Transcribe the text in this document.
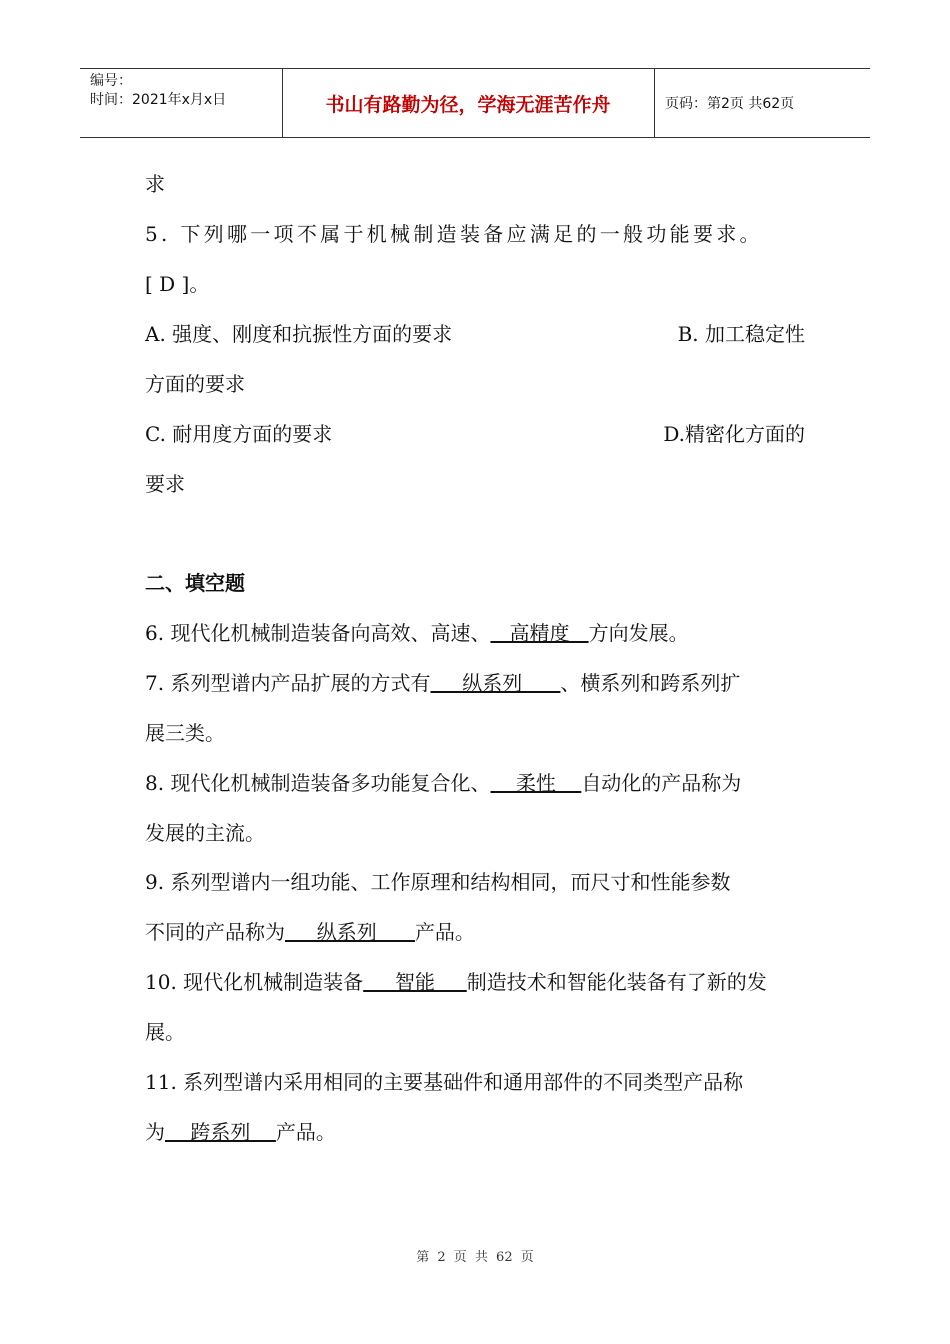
编号：
时间：2021年x月x日	书山有路勤为径，学海无涯苦作舟	页码：第2页 共62页
求
5. 下列哪一项不属于机械制造装备应满足的一般功能要求。
[ D ]。
A. 强度、刚度和抗振性方面的要求	B. 加工稳定性
方面的要求
C. 耐用度方面的要求	D.精密化方面的
要求
二、填空题
6. 现代化机械制造装备向高效、高速、   高精度   方向发展。
7. 系列型谱内产品扩展的方式有     纵系列      、横系列和跨系列扩
展三类。
8. 现代化机械制造装备多功能复合化、    柔性    自动化的产品称为
发展的主流。
9. 系列型谱内一组功能、工作原理和结构相同，而尺寸和性能参数
不同的产品称为     纵系列      产品。
10. 现代化机械制造装备     智能     制造技术和智能化装备有了新的发
展。
11. 系列型谱内采用相同的主要基础件和通用部件的不同类型产品称
为    跨系列    产品。
第 2 页 共 62 页
